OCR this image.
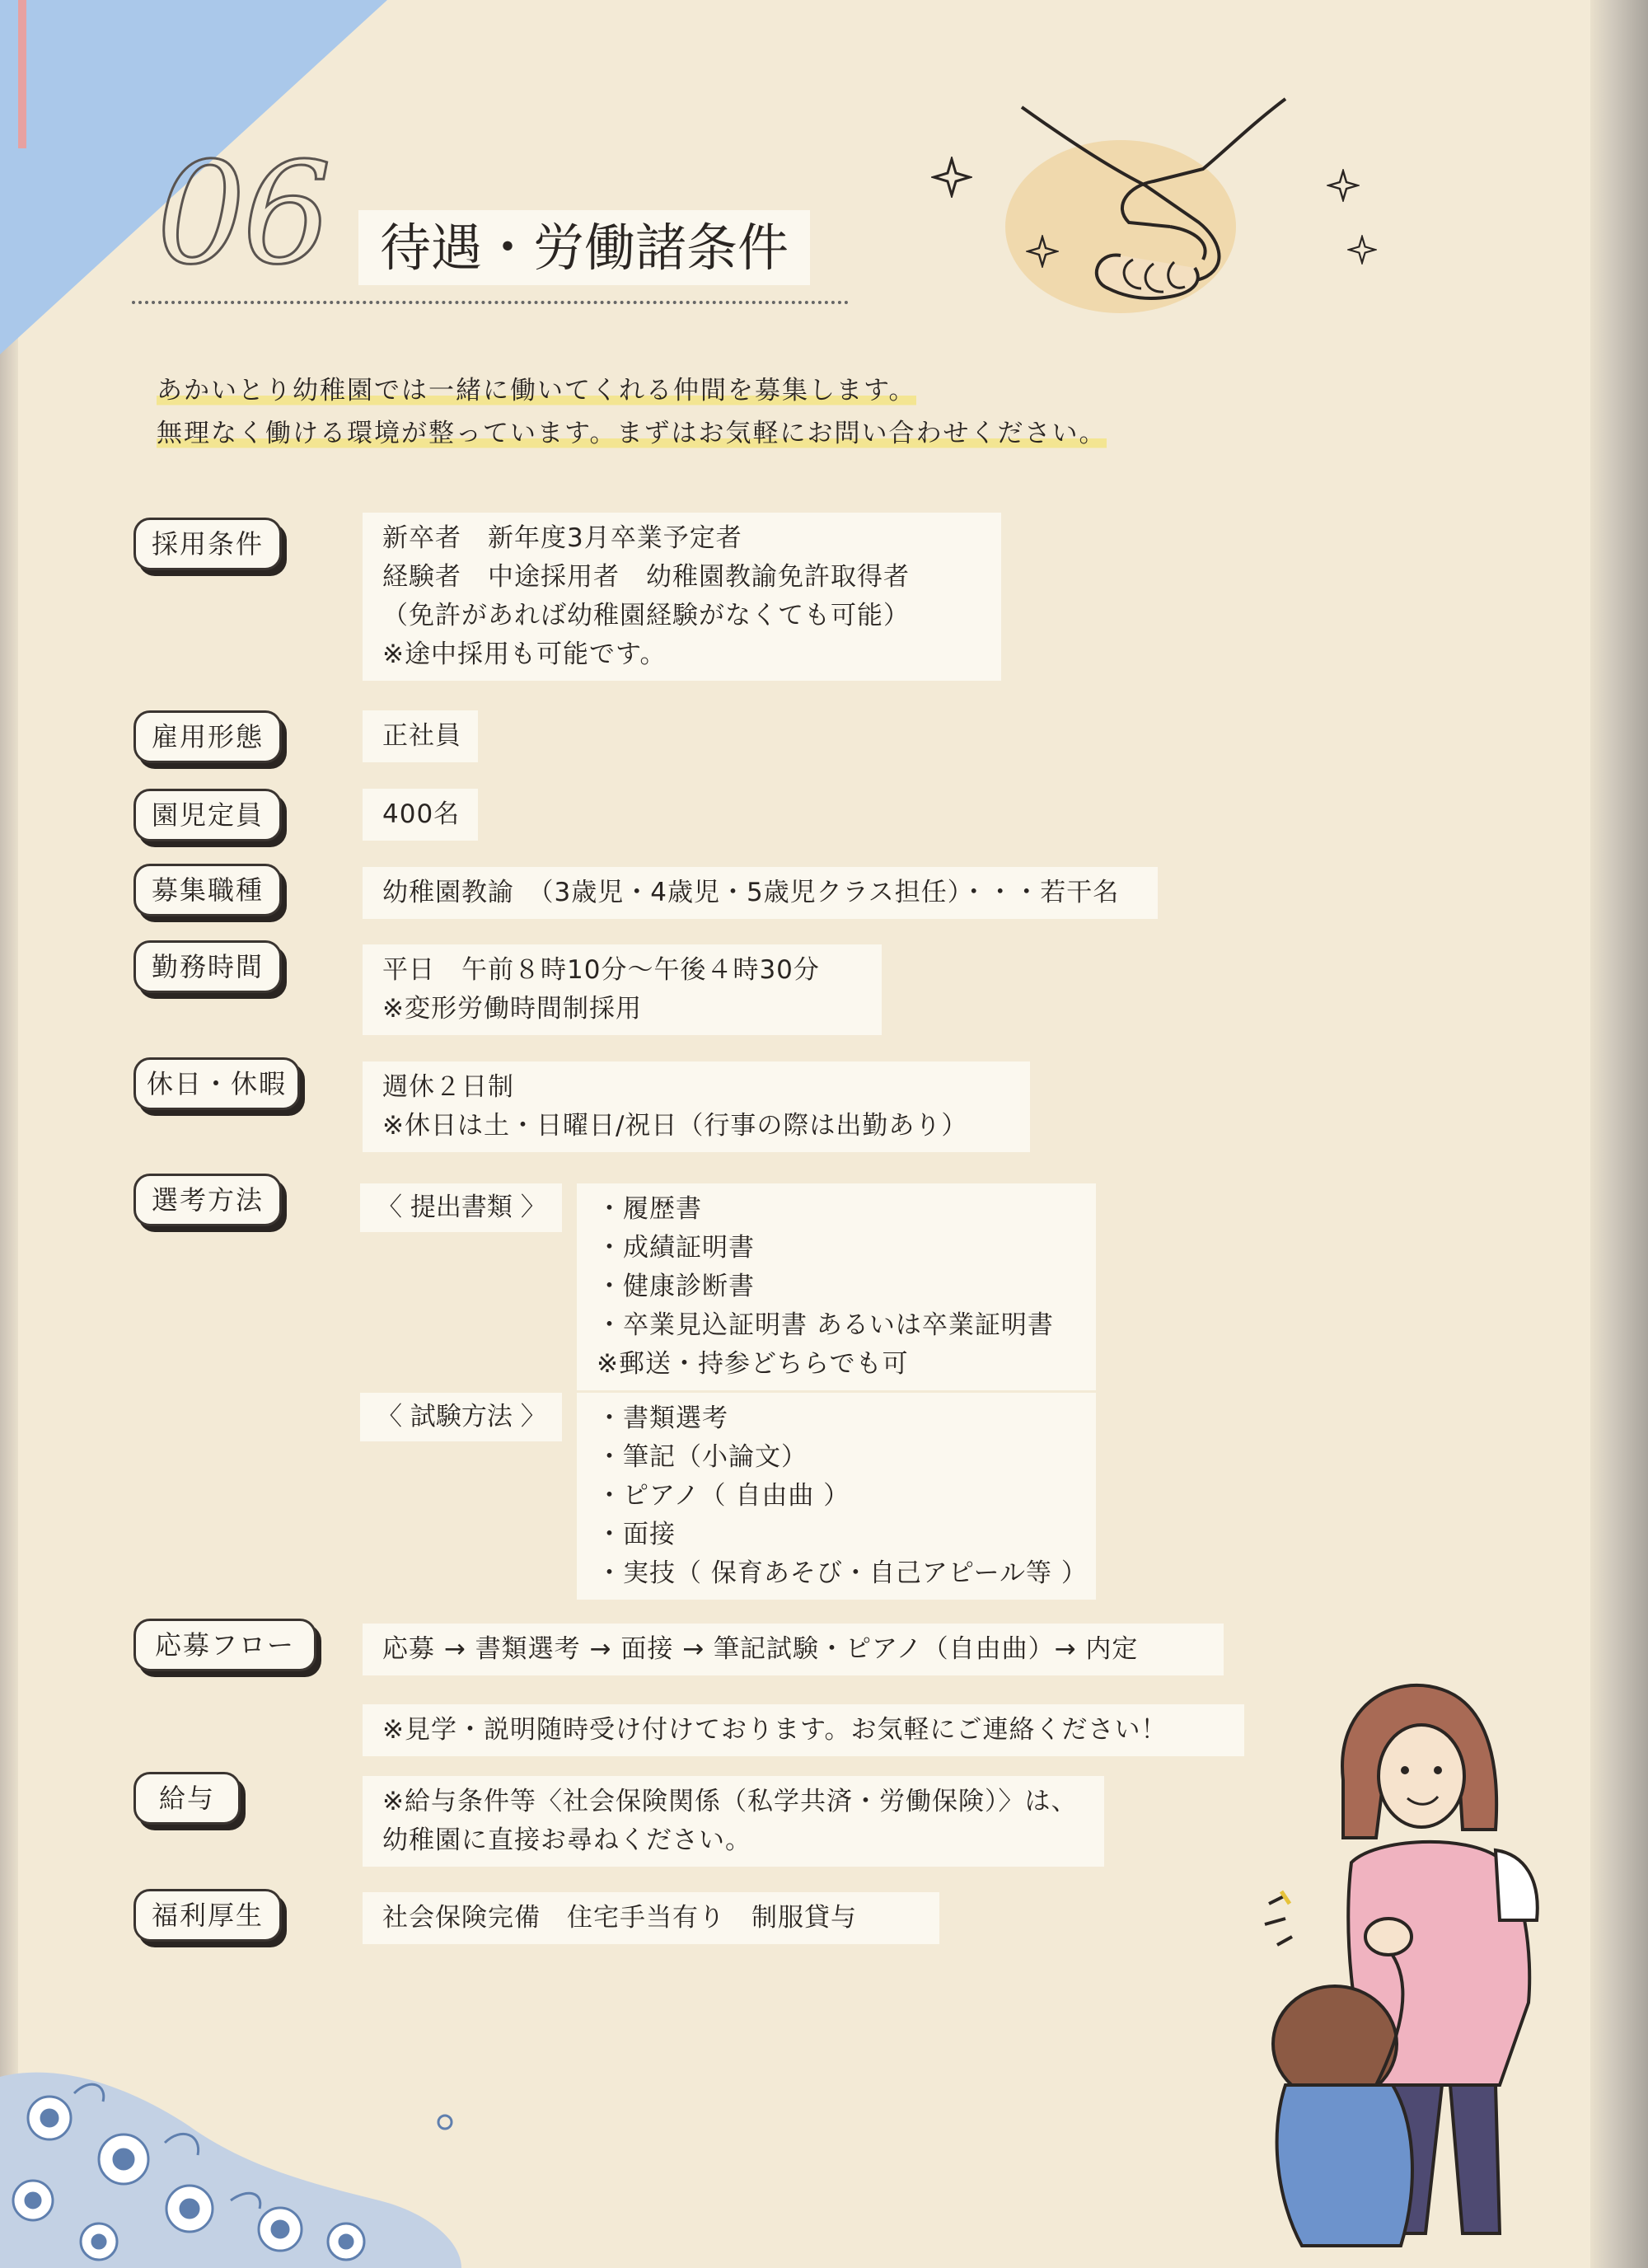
06	待遇・労働諸条件
あかいとり幼稚園では一緒に働いてくれる仲間を募集します。
無理なく働ける環境が整っています。まずはお気軽にお問い合わせください。
採用条件	新卒者　新年度3月卒業予定者
経験者　中途採用者　幼稚園教諭免許取得者
（免許があれば幼稚園経験がなくても可能）
※途中採用も可能です。
雇用形態	正社員
園児定員	400名
募集職種	幼稚園教諭　（3歳児・4歳児・5歳児クラス担任）・・・若干名
勤務時間	平日　午前８時10分～午後４時30分
※変形労働時間制採用
休日・休暇	週休２日制
※休日は土・日曜日/祝日（行事の際は出勤あり）
選考方法	〈 提出書類 〉	・履歴書
・成績証明書
・健康診断書
・卒業見込証明書 あるいは卒業証明書
※郵送・持参どちらでも可
〈 試験方法 〉	・書類選考
・筆記（小論文）
・ピアノ（ 自由曲 ）
・面接
・実技（ 保育あそび・自己アピール等 ）
応募フロー	応募 → 書類選考 → 面接 → 筆記試験・ピアノ（自由曲）→ 内定
※見学・説明随時受け付けております。お気軽にご連絡ください！
給与	※給与条件等〈社会保険関係（私学共済・労働保険）〉は、
幼稚園に直接お尋ねください。
福利厚生	社会保険完備　住宅手当有り　制服貸与
